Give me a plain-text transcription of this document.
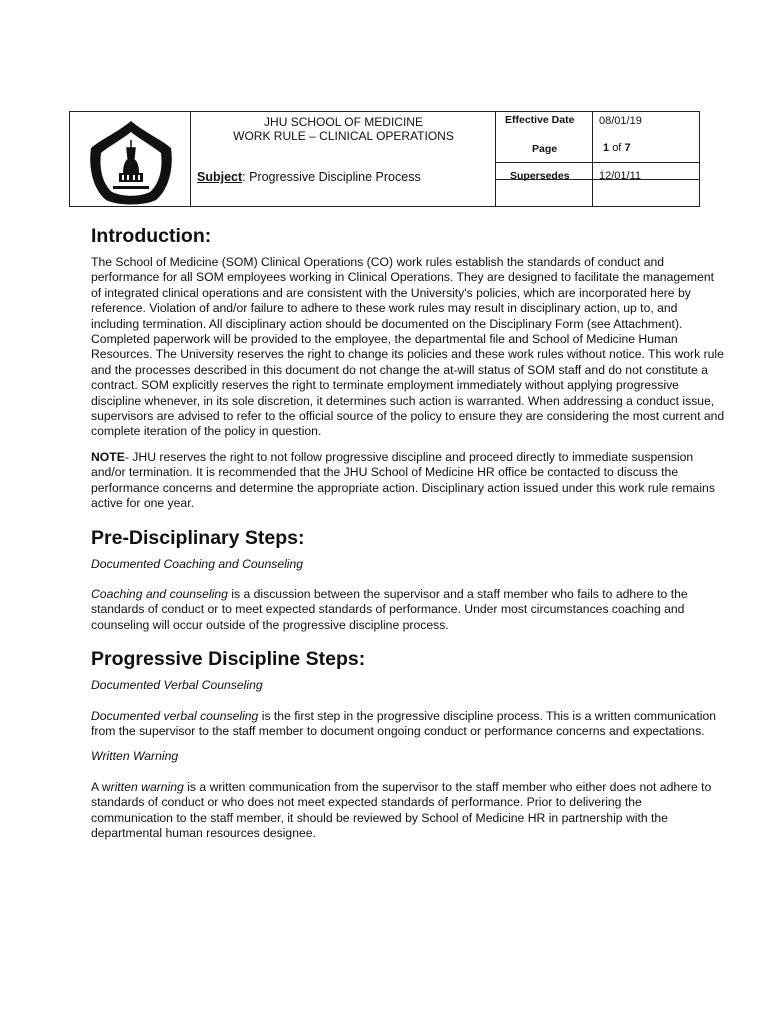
JHU SCHOOL OF MEDICINE
WORK RULE – CLINICAL OPERATIONS
Subject: Progressive Discipline Process
Effective Date 08/01/19
Page	1 of 7
Supersedes	12/01/11
Introduction:

The School of Medicine (SOM) Clinical Operations (CO) work rules establish the standards of conduct and performance for all SOM employees working in Clinical Operations. They are designed to facilitate the management of integrated clinical operations and are consistent with the University's policies, which are incorporated here by reference. Violation of and/or failure to adhere to these work rules may result in disciplinary action, up to, and including termination. All disciplinary action should be documented on the Disciplinary Form (see Attachment). Completed paperwork will be provided to the employee, the departmental file and School of Medicine Human Resources. The University reserves the right to change its policies and these work rules without notice. This work rule and the processes described in this document do not change the at-will status of SOM staff and do not constitute a contract. SOM explicitly reserves the right to terminate employment immediately without applying progressive discipline whenever, in its sole discretion, it determines such action is warranted. When addressing a conduct issue, supervisors are advised to refer to the official source of the policy to ensure they are considering the most current and complete iteration of the policy in question.

NOTE- JHU reserves the right to not follow progressive discipline and proceed directly to immediate suspension and/or termination. It is recommended that the JHU School of Medicine HR office be contacted to discuss the performance concerns and determine the appropriate action. Disciplinary action issued under this work rule remains active for one year.

Pre-Disciplinary Steps:

Documented Coaching and Counseling

Coaching and counseling is a discussion between the supervisor and a staff member who fails to adhere to the standards of conduct or to meet expected standards of performance. Under most circumstances coaching and counseling will occur outside of the progressive discipline process.

Progressive Discipline Steps:

Documented Verbal Counseling

Documented verbal counseling is the first step in the progressive discipline process. This is a written communication from the supervisor to the staff member to document ongoing conduct or performance concerns and expectations.

Written Warning

A written warning is a written communication from the supervisor to the staff member who either does not adhere to standards of conduct or who does not meet expected standards of performance. Prior to delivering the communication to the staff member, it should be reviewed by School of Medicine HR in partnership with the departmental human resources designee.
